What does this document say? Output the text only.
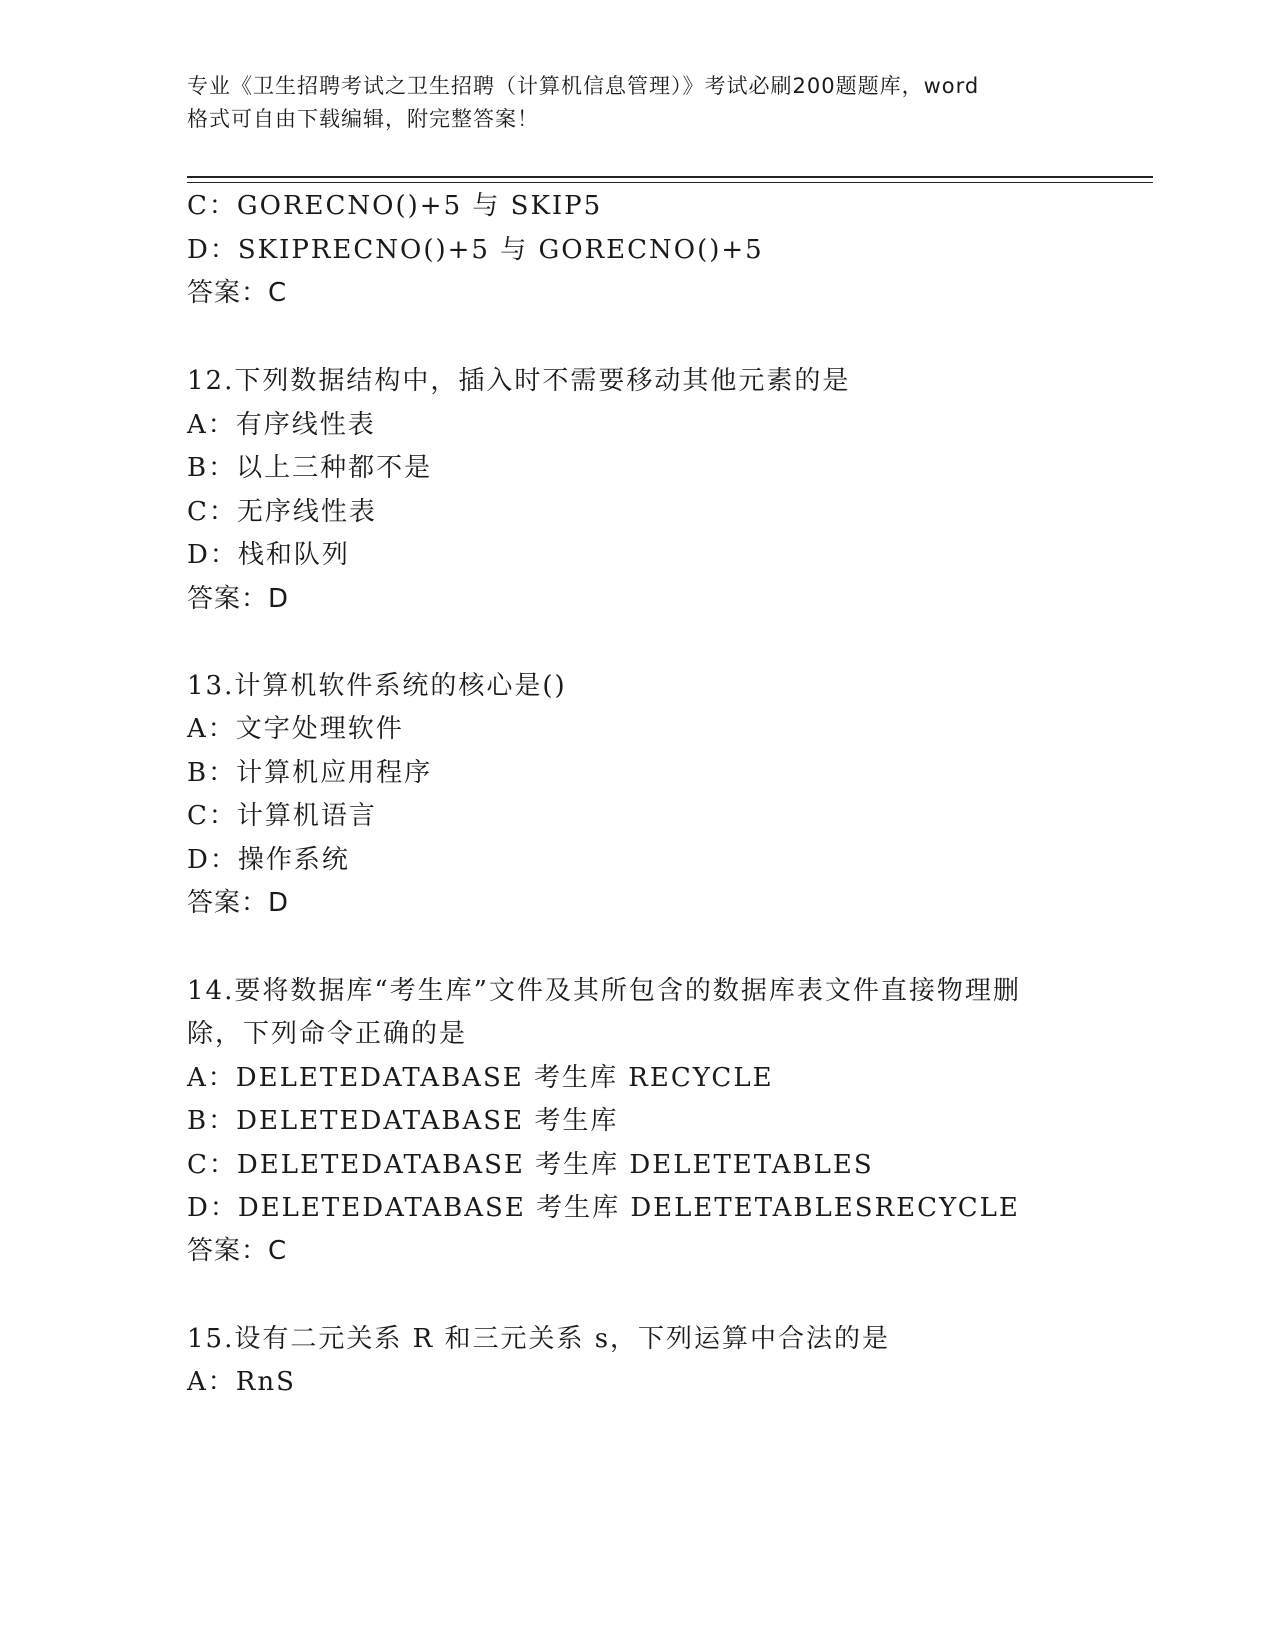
专业《卫生招聘考试之卫生招聘（计算机信息管理）》考试必刷200题题库，word
格式可自由下载编辑，附完整答案！
C：GORECNO()+5 与 SKIP5
D：SKIPRECNO()+5 与 GORECNO()+5
答案：C
12.下列数据结构中，插入时不需要移动其他元素的是
A：有序线性表
B：以上三种都不是
C：无序线性表
D：栈和队列
答案：D
13.计算机软件系统的核心是()
A：文字处理软件
B：计算机应用程序
C：计算机语言
D：操作系统
答案：D
14.要将数据库“考生库”文件及其所包含的数据库表文件直接物理删
除，下列命令正确的是
A：DELETEDATABASE 考生库 RECYCLE
B：DELETEDATABASE 考生库
C：DELETEDATABASE 考生库 DELETETABLES
D：DELETEDATABASE 考生库 DELETETABLESRECYCLE
答案：C
15.设有二元关系 R 和三元关系 s，下列运算中合法的是
A：RnS
